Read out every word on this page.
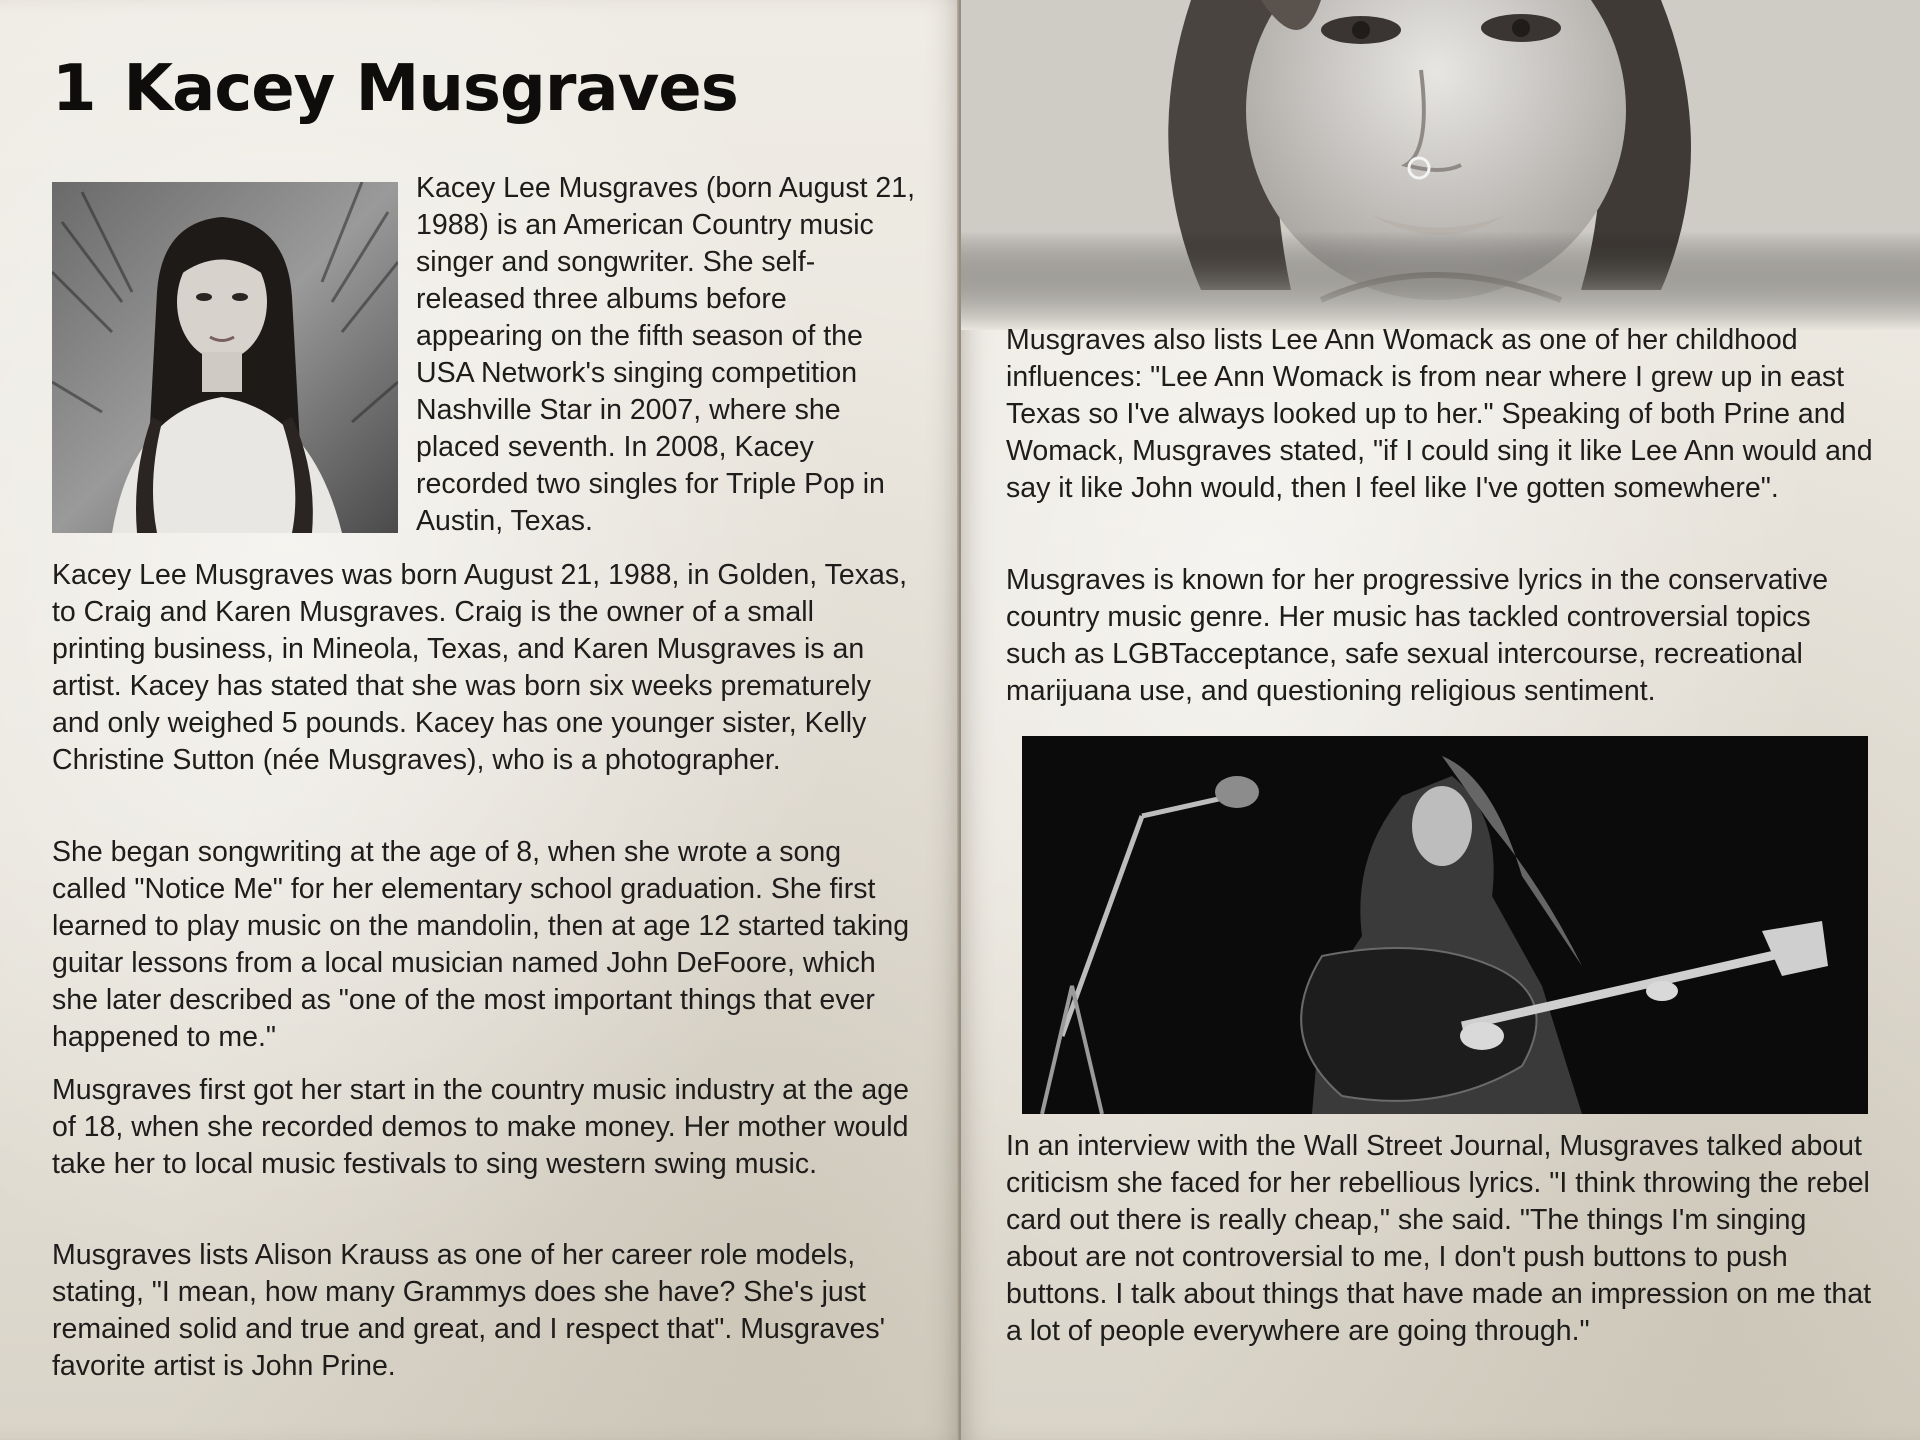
1 Kacey Musgraves

Kacey Lee Musgraves (born August 21, 1988) is an American Country music singer and songwriter. She self-released three albums before appearing on the fifth season of the USA Network's singing competition Nashville Star in 2007, where she placed seventh. In 2008, Kacey recorded two singles for Triple Pop in Austin, Texas.

Kacey Lee Musgraves was born August 21, 1988, in Golden, Texas, to Craig and Karen Musgraves. Craig is the owner of a small printing business, in Mineola, Texas, and Karen Musgraves is an artist. Kacey has stated that she was born six weeks prematurely and only weighed 5 pounds. Kacey has one younger sister, Kelly Christine Sutton (née Musgraves), who is a photographer.

She began songwriting at the age of 8, when she wrote a song called "Notice Me" for her elementary school graduation. She first learned to play music on the mandolin, then at age 12 started taking guitar lessons from a local musician named John DeFoore, which she later described as "one of the most important things that ever happened to me."

Musgraves first got her start in the country music industry at the age of 18, when she recorded demos to make money. Her mother would take her to local music festivals to sing western swing music.

Musgraves lists Alison Krauss as one of her career role models, stating, "I mean, how many Grammys does she have? She's just remained solid and true and great, and I respect that". Musgraves' favorite artist is John Prine.

Musgraves also lists Lee Ann Womack as one of her childhood influences: "Lee Ann Womack is from near where I grew up in east Texas so I've always looked up to her." Speaking of both Prine and Womack, Musgraves stated, "if I could sing it like Lee Ann would and say it like John would, then I feel like I've gotten somewhere".

Musgraves is known for her progressive lyrics in the conservative country music genre. Her music has tackled controversial topics such as LGBTacceptance, safe sexual intercourse, recreational marijuana use, and questioning religious sentiment.

In an interview with the Wall Street Journal, Musgraves talked about criticism she faced for her rebellious lyrics. "I think throwing the rebel card out there is really cheap," she said. "The things I'm singing about are not controversial to me, I don't push buttons to push buttons. I talk about things that have made an impression on me that a lot of people everywhere are going through."
